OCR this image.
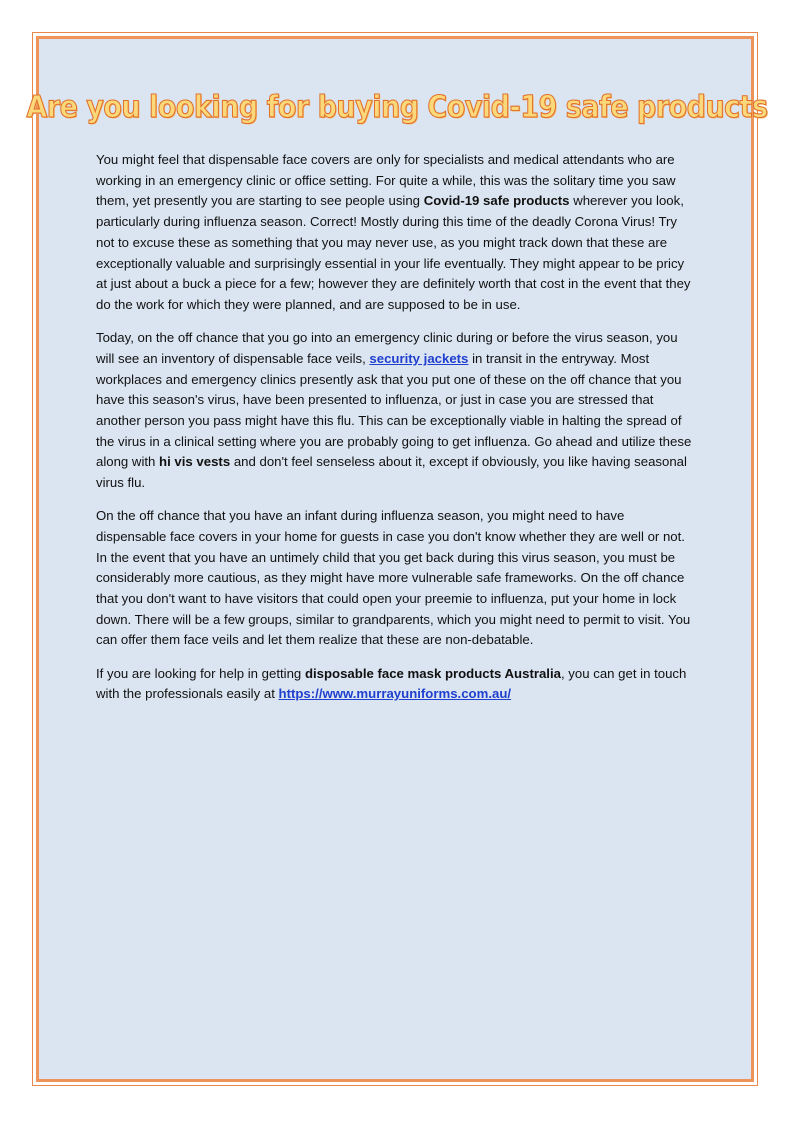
Are you looking for buying Covid-19 safe products

You might feel that dispensable face covers are only for specialists and medical attendants who are working in an emergency clinic or office setting. For quite a while, this was the solitary time you saw them, yet presently you are starting to see people using Covid-19 safe products wherever you look, particularly during influenza season. Correct! Mostly during this time of the deadly Corona Virus! Try not to excuse these as something that you may never use, as you might track down that these are exceptionally valuable and surprisingly essential in your life eventually. They might appear to be pricy at just about a buck a piece for a few; however they are definitely worth that cost in the event that they do the work for which they were planned, and are supposed to be in use.

Today, on the off chance that you go into an emergency clinic during or before the virus season, you will see an inventory of dispensable face veils, security jackets in transit in the entryway. Most workplaces and emergency clinics presently ask that you put one of these on the off chance that you have this season's virus, have been presented to influenza, or just in case you are stressed that another person you pass might have this flu. This can be exceptionally viable in halting the spread of the virus in a clinical setting where you are probably going to get influenza. Go ahead and utilize these along with hi vis vests and don't feel senseless about it, except if obviously, you like having seasonal virus flu.

On the off chance that you have an infant during influenza season, you might need to have dispensable face covers in your home for guests in case you don't know whether they are well or not. In the event that you have an untimely child that you get back during this virus season, you must be considerably more cautious, as they might have more vulnerable safe frameworks. On the off chance that you don't want to have visitors that could open your preemie to influenza, put your home in lock down. There will be a few groups, similar to grandparents, which you might need to permit to visit. You can offer them face veils and let them realize that these are non-debatable.

If you are looking for help in getting disposable face mask products Australia, you can get in touch with the professionals easily at https://www.murrayuniforms.com.au/
